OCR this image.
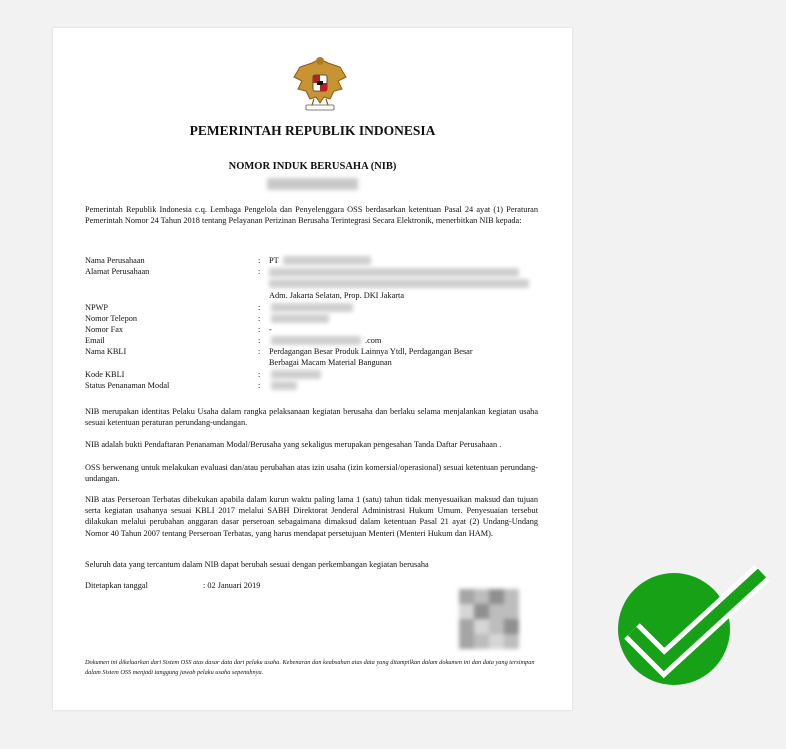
PEMERINTAH REPUBLIK INDONESIA
NOMOR INDUK BERUSAHA (NIB)
Pemerintah Republik Indonesia c.q. Lembaga Pengelola dan Penyelenggara OSS berdasarkan ketentuan Pasal 24 ayat (1) Peraturan Pemerintah Nomor 24 Tahun 2018 tentang Pelayanan Perizinan Berusaha Terintegrasi Secara Elektronik, menerbitkan NIB kepada:
Nama Perusahaan	: PT
Alamat Perusahaan	:
Adm. Jakarta Selatan, Prop. DKI Jakarta
NPWP	:
Nomor Telepon	:
Nomor Fax	: -
Email	:	.com
Nama KBLI	: Perdagangan Besar Produk Lainnya Ytdl, Perdagangan Besar
Berbagai Macam Material Bangunan
Kode KBLI	:
Status Penanaman Modal	:
NIB merupakan identitas Pelaku Usaha dalam rangka pelaksanaan kegiatan berusaha dan berlaku selama menjalankan kegiatan usaha sesuai ketentuan peraturan perundang-undangan.
NIB adalah bukti Pendaftaran Penanaman Modal/Berusaha yang sekaligus merupakan pengesahan Tanda Daftar Perusahaan .
OSS berwenang untuk melakukan evaluasi dan/atau perubahan atas izin usaha (izin komersial/operasional) sesuai ketentuan perundang-undangan.
NIB atas Perseroan Terbatas dibekukan apabila dalam kurun waktu paling lama 1 (satu) tahun tidak menyesuaikan maksud dan tujuan serta kegiatan usahanya sesuai KBLI 2017 melalui SABH Direktorat Jenderal Administrasi Hukum Umum. Penyesuaian tersebut dilakukan melalui perubahan anggaran dasar perseroan sebagaimana dimaksud dalam ketentuan Pasal 21 ayat (2) Undang-Undang Nomor 40 Tahun 2007 tentang Perseroan Terbatas, yang harus mendapat persetujuan Menteri (Menteri Hukum dan HAM).
Seluruh data yang tercantum dalam NIB dapat berubah sesuai dengan perkembangan kegiatan berusaha
Ditetapkan tanggal	: 02 Januari 2019
Dokumen ini dikeluarkan dari Sistem OSS atas dasar data dari pelaku usaha. Kebenaran dan keabsahan atas data yang ditampilkan dalam dokumen ini dan data yang tersimpan dalam Sistem OSS menjadi tanggung jawab pelaku usaha sepenuhnya.
